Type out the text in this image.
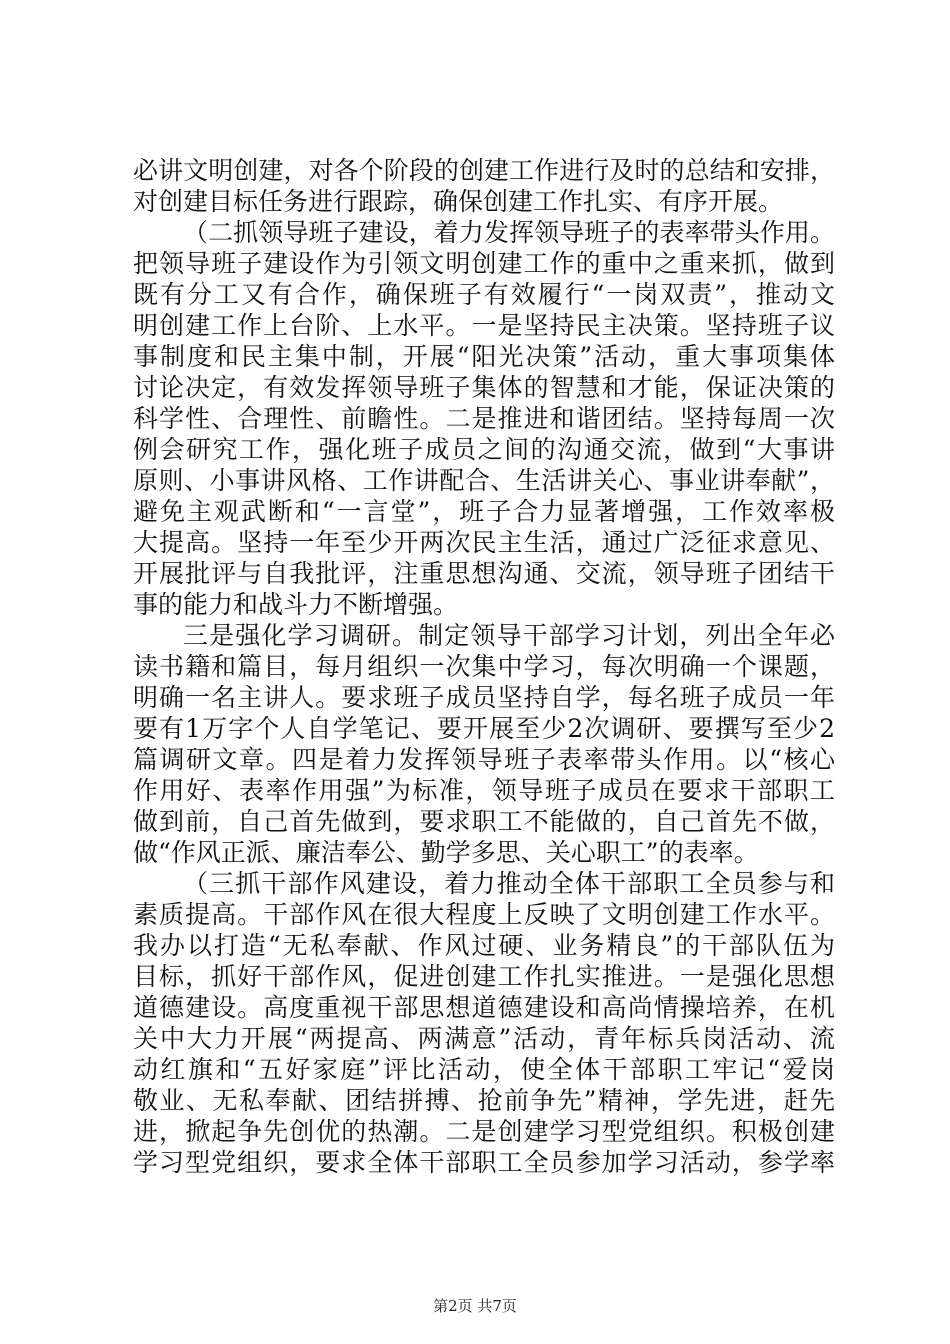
必讲文明创建，对各个阶段的创建工作进行及时的总结和安排，
对创建目标任务进行跟踪，确保创建工作扎实、有序开展。
（二抓领导班子建设，着力发挥领导班子的表率带头作用。
把领导班子建设作为引领文明创建工作的重中之重来抓，做到
既有分工又有合作，确保班子有效履行“一岗双责”，推动文
明创建工作上台阶、上水平。一是坚持民主决策。坚持班子议
事制度和民主集中制，开展“阳光决策”活动，重大事项集体
讨论决定，有效发挥领导班子集体的智慧和才能，保证决策的
科学性、合理性、前瞻性。二是推进和谐团结。坚持每周一次
例会研究工作，强化班子成员之间的沟通交流，做到“大事讲
原则、小事讲风格、工作讲配合、生活讲关心、事业讲奉献”，
避免主观武断和“一言堂”，班子合力显著增强，工作效率极
大提高。坚持一年至少开两次民主生活，通过广泛征求意见、
开展批评与自我批评，注重思想沟通、交流，领导班子团结干
事的能力和战斗力不断增强。
三是强化学习调研。制定领导干部学习计划，列出全年必
读书籍和篇目，每月组织一次集中学习，每次明确一个课题，
明确一名主讲人。要求班子成员坚持自学，每名班子成员一年
要有1万字个人自学笔记、要开展至少2次调研、要撰写至少2
篇调研文章。四是着力发挥领导班子表率带头作用。以“核心
作用好、表率作用强”为标准，领导班子成员在要求干部职工
做到前，自己首先做到，要求职工不能做的，自己首先不做，
做“作风正派、廉洁奉公、勤学多思、关心职工”的表率。
（三抓干部作风建设，着力推动全体干部职工全员参与和
素质提高。干部作风在很大程度上反映了文明创建工作水平。
我办以打造“无私奉献、作风过硬、业务精良”的干部队伍为
目标，抓好干部作风，促进创建工作扎实推进。一是强化思想
道德建设。高度重视干部思想道德建设和高尚情操培养，在机
关中大力开展“两提高、两满意”活动，青年标兵岗活动、流
动红旗和“五好家庭”评比活动，使全体干部职工牢记“爱岗
敬业、无私奉献、团结拼搏、抢前争先”精神，学先进，赶先
进，掀起争先创优的热潮。二是创建学习型党组织。积极创建
学习型党组织，要求全体干部职工全员参加学习活动，参学率
第2页 共7页
